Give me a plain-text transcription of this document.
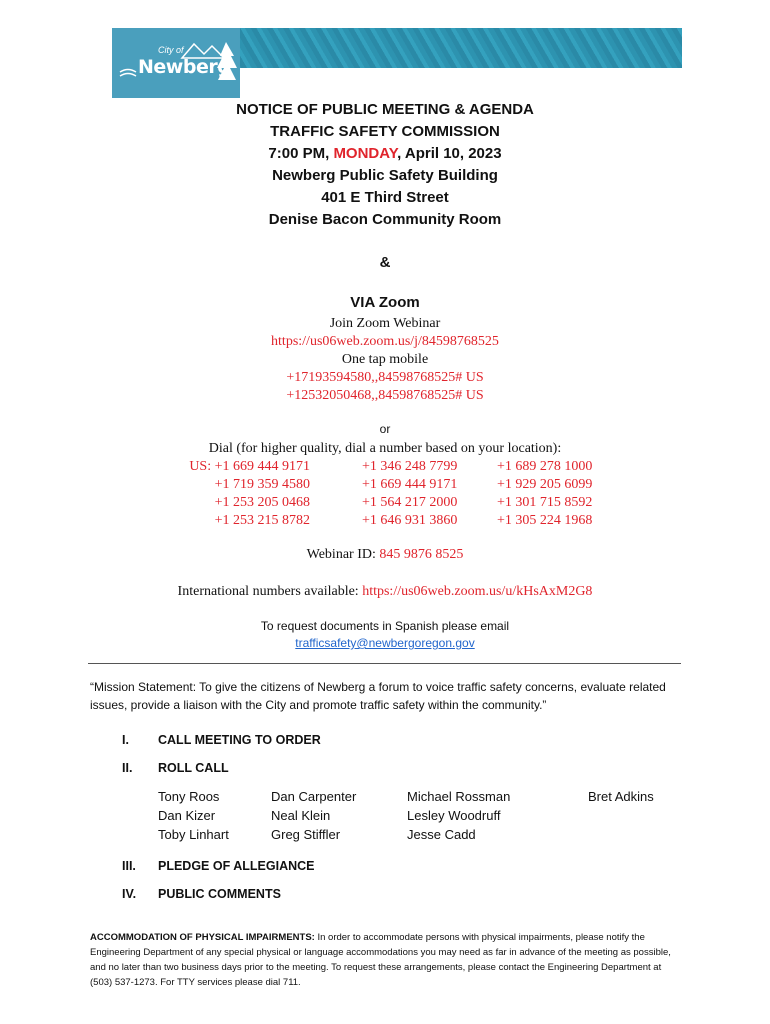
City of
Newberg
NOTICE OF PUBLIC MEETING & AGENDA
TRAFFIC SAFETY COMMISSION
7:00 PM, MONDAY, April 10, 2023
Newberg Public Safety Building
401 E Third Street
Denise Bacon Community Room
&
VIA Zoom
Join Zoom Webinar
https://us06web.zoom.us/j/84598768525
One tap mobile
+17193594580,,84598768525# US
+12532050468,,84598768525# US
or
Dial (for higher quality, dial a number based on your location):
US: +1 669 444 9171
+1 719 359 4580
+1 253 205 0468
+1 253 215 8782
+1 346 248 7799
+1 669 444 9171
+1 564 217 2000
+1 646 931 3860
+1 689 278 1000
+1 929 205 6099
+1 301 715 8592
+1 305 224 1968
Webinar ID: 845 9876 8525
International numbers available: https://us06web.zoom.us/u/kHsAxM2G8
To request documents in Spanish please email
trafficsafety@newbergoregon.gov
“Mission Statement: To give the citizens of Newberg a forum to voice traffic safety concerns, evaluate related issues, provide a liaison with the City and promote traffic safety within the community.”
I. CALL MEETING TO ORDER
II. ROLL CALL
Tony Roos
Dan Kizer
Toby Linhart
Dan Carpenter
Neal Klein
Greg Stiffler
Michael Rossman
Lesley Woodruff
Jesse Cadd
Bret Adkins
III. PLEDGE OF ALLEGIANCE
IV. PUBLIC COMMENTS
ACCOMMODATION OF PHYSICAL IMPAIRMENTS: In order to accommodate persons with physical impairments, please notify the Engineering Department of any special physical or language accommodations you may need as far in advance of the meeting as possible, and no later than two business days prior to the meeting. To request these arrangements, please contact the Engineering Department at (503) 537-1273. For TTY services please dial 711.
